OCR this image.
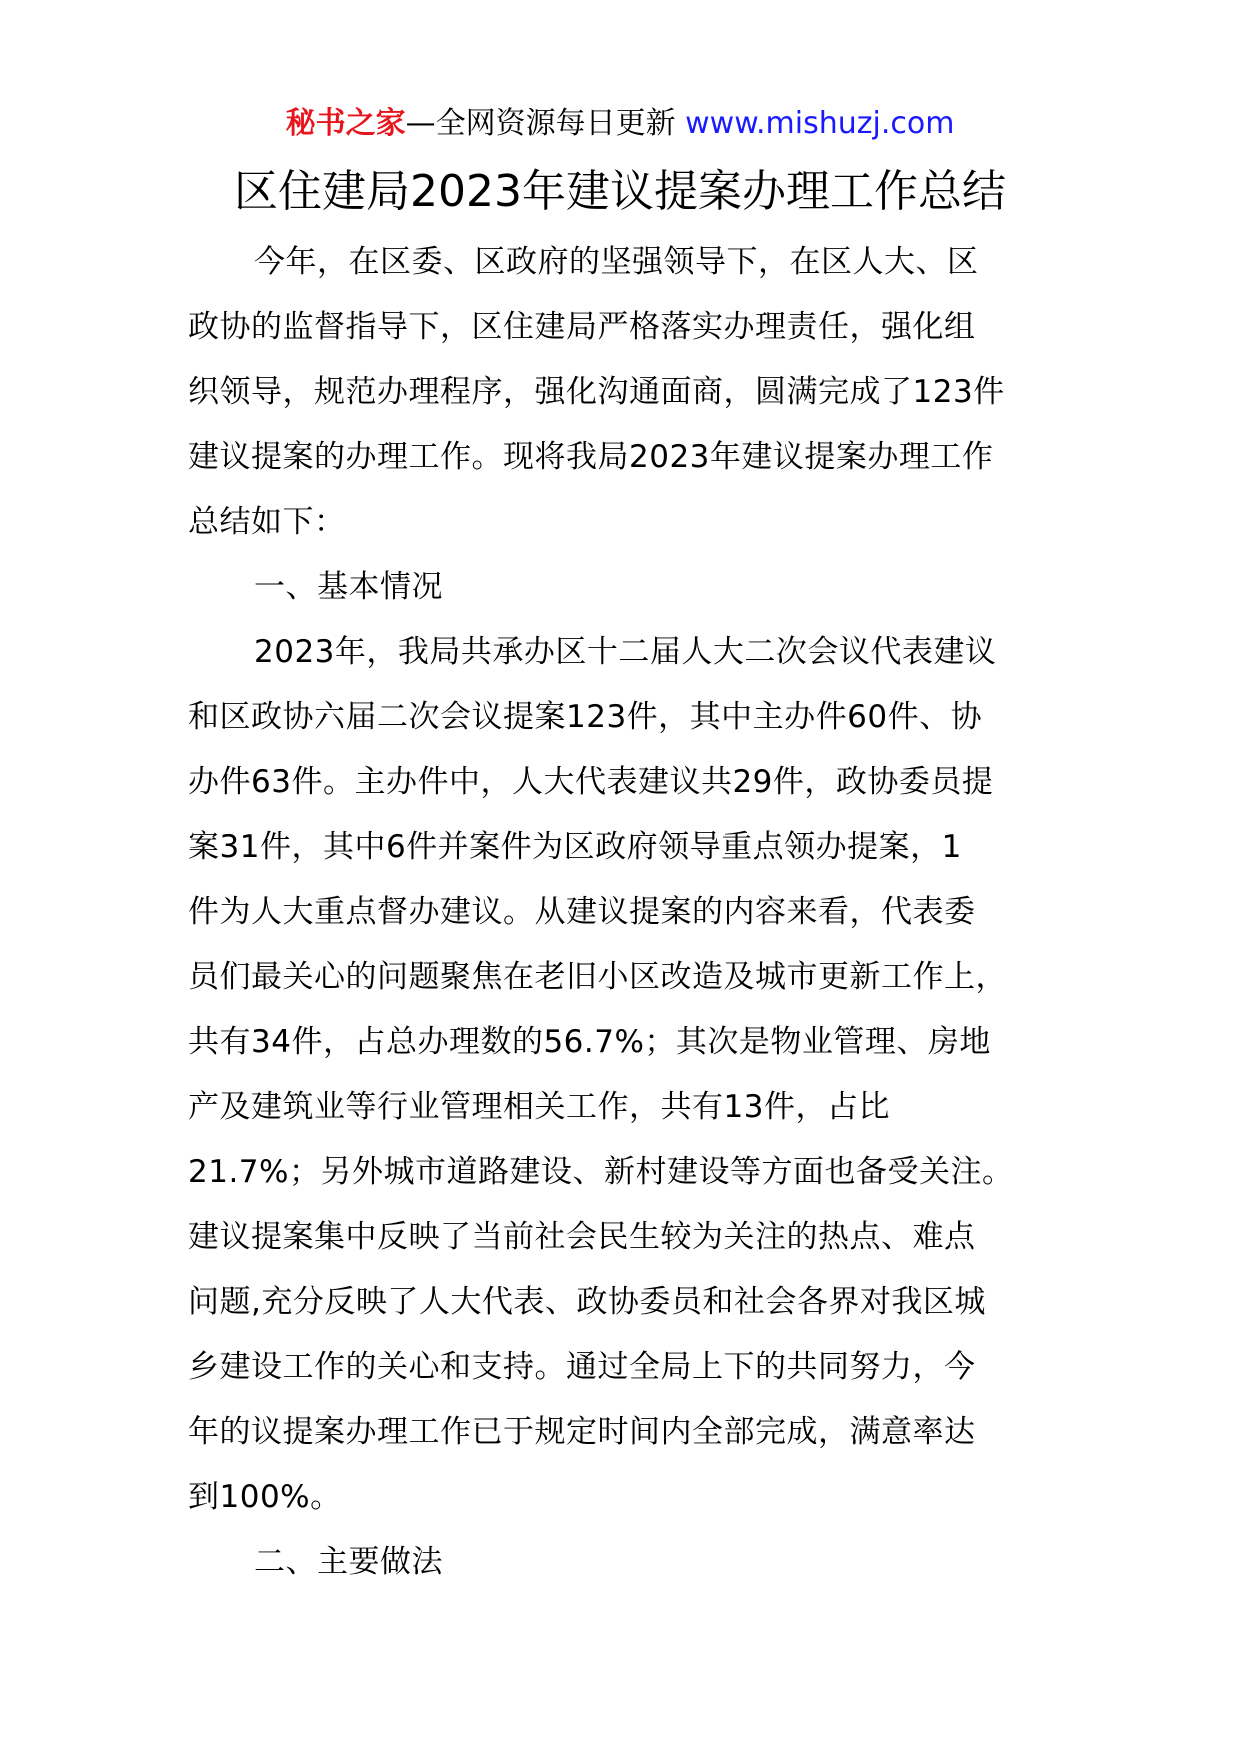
秘书之家—全网资源每日更新 www.mishuzj.com
区住建局2023年建议提案办理工作总结
今年，在区委、区政府的坚强领导下，在区人大、区
政协的监督指导下，区住建局严格落实办理责任，强化组
织领导，规范办理程序，强化沟通面商，圆满完成了123件
建议提案的办理工作。现将我局2023年建议提案办理工作
总结如下：
一、基本情况
2023年，我局共承办区十二届人大二次会议代表建议
和区政协六届二次会议提案123件，其中主办件60件、协
办件63件。主办件中，人大代表建议共29件，政协委员提
案31件，其中6件并案件为区政府领导重点领办提案，1
件为人大重点督办建议。从建议提案的内容来看，代表委
员们最关心的问题聚焦在老旧小区改造及城市更新工作上，
共有34件，占总办理数的56.7%；其次是物业管理、房地
产及建筑业等行业管理相关工作，共有13件，占比
21.7%；另外城市道路建设、新村建设等方面也备受关注。
建议提案集中反映了当前社会民生较为关注的热点、难点
问题,充分反映了人大代表、政协委员和社会各界对我区城
乡建设工作的关心和支持。通过全局上下的共同努力，今
年的议提案办理工作已于规定时间内全部完成，满意率达
到100%。
二、主要做法
